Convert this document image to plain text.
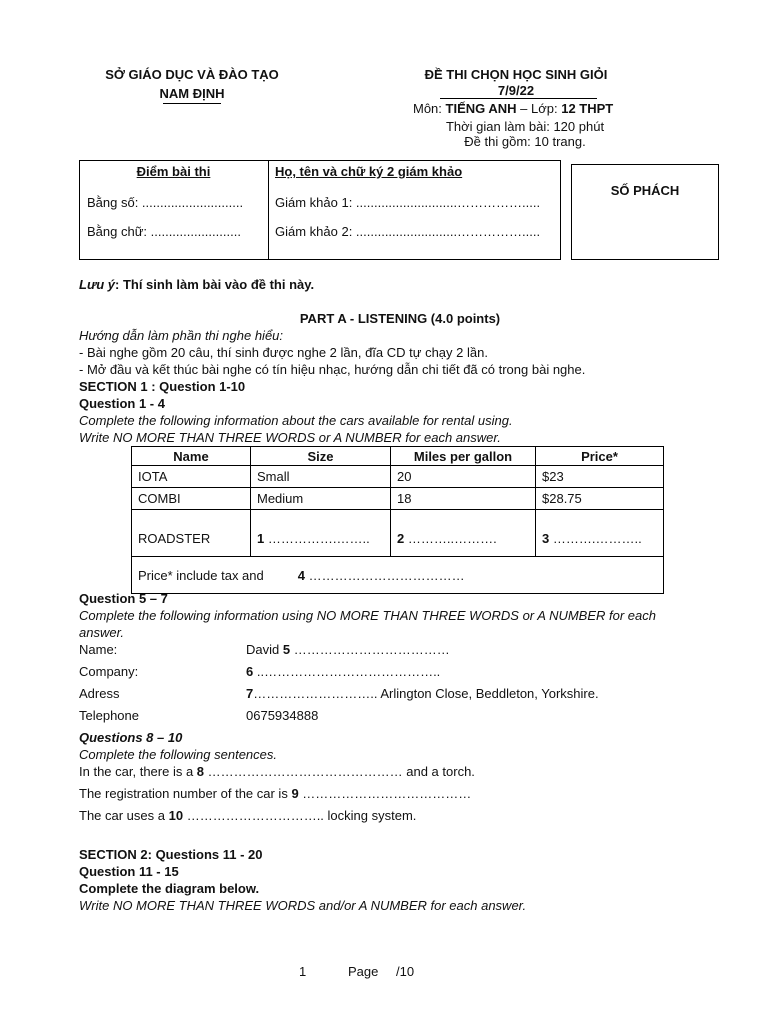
SỞ GIÁO DỤC VÀ ĐÀO TẠO
NAM ĐỊNH
ĐỀ THI CHỌN HỌC SINH GIỎI
7/9/22
Môn: TIẾNG ANH – Lớp: 12 THPT
Thời gian làm bài: 120 phút
Đề thi gồm: 10 trang.
Điểm bài thi
Bằng số: ............................
Bằng chữ: .........................
Họ, tên và chữ ký 2 giám khảo
Giám khảo 1: ............................…………….....
Giám khảo 2: ............................…………….....
SỐ PHÁCH
Lưu ý: Thí sinh làm bài vào đề thi này.
PART A - LISTENING (4.0 points)
Hướng dẫn làm phần thi nghe hiểu:
- Bài nghe gồm 20 câu, thí sinh được nghe 2 lần, đĩa CD tự chạy 2 lần.
- Mở đầu và kết thúc bài nghe có tín hiệu nhạc, hướng dẫn chi tiết đã có trong bài nghe.
SECTION 1 : Question 1-10
Question 1 - 4
Complete the following information about the cars available for rental using.
Write NO MORE THAN THREE WORDS or A NUMBER for each answer.
Name	Size	Miles per gallon	Price*
IOTA	Small	20	$23
COMBI	Medium	18	$28.75
ROADSTER	1 …………….……..	2 ………..……….	3 ……….………..
Price* include tax and 4 ………………………………			
Question 5 – 7
Complete the following information using NO MORE THAN THREE WORDS or A NUMBER for each
answer.
Name:	David 5 ………………………………
Company:	6 ..…………………………………..
Adress	7……………………….. Arlington Close, Beddleton, Yorkshire.
Telephone	0675934888
Questions 8 – 10
Complete the following sentences.
In the car, there is a 8 ……………………………………… and a torch.
The registration number of the car is 9 …………………………………
The car uses a 10 ………………………….. locking system.
SECTION 2: Questions 11 - 20
Question 11 - 15
Complete the diagram below.
Write NO MORE THAN THREE WORDS and/or A NUMBER for each answer.
1	Page /10
